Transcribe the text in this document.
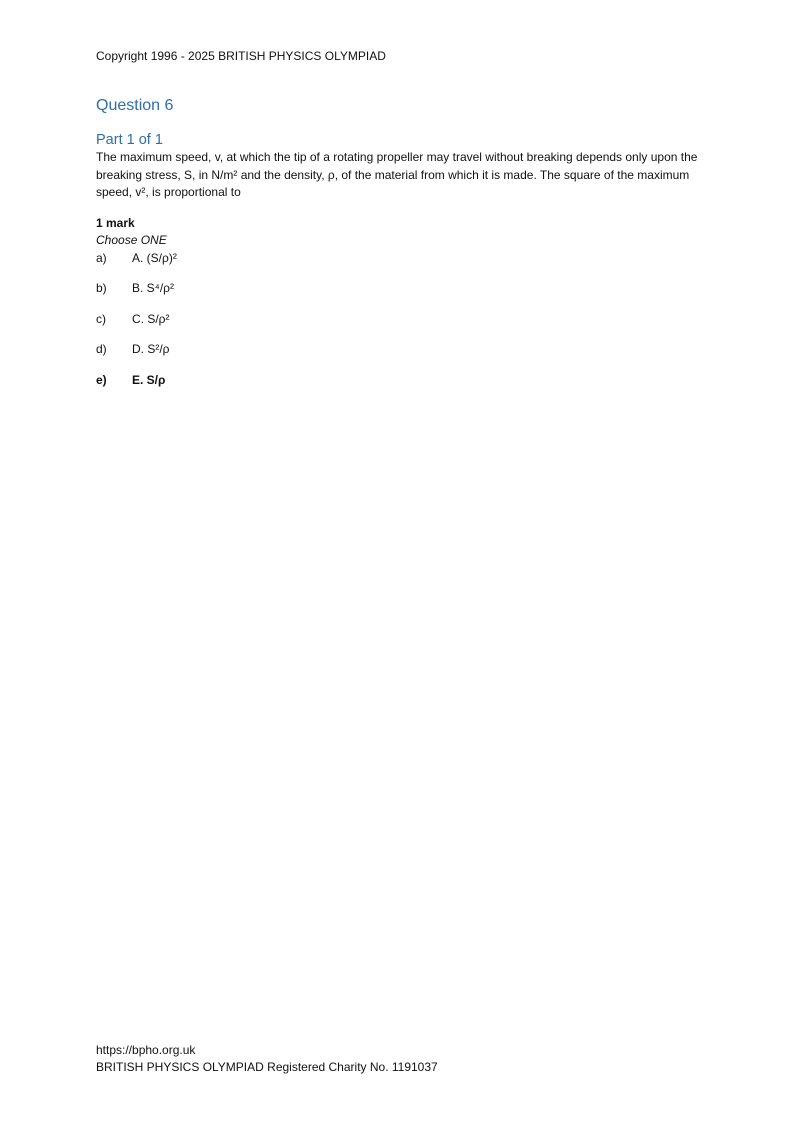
Copyright 1996 - 2025 BRITISH PHYSICS OLYMPIAD
Question 6
Part 1 of 1
The maximum speed, v, at which the tip of a rotating propeller may travel without breaking depends only upon the breaking stress, S, in N/m² and the density, ρ, of the material from which it is made. The square of the maximum speed, v², is proportional to
1 mark
Choose ONE
a) A. (S/ρ)²
b) B. S⁴/ρ²
c) C. S/ρ²
d) D. S²/ρ
e) E. S/ρ
https://bpho.org.uk
BRITISH PHYSICS OLYMPIAD Registered Charity No. 1191037
